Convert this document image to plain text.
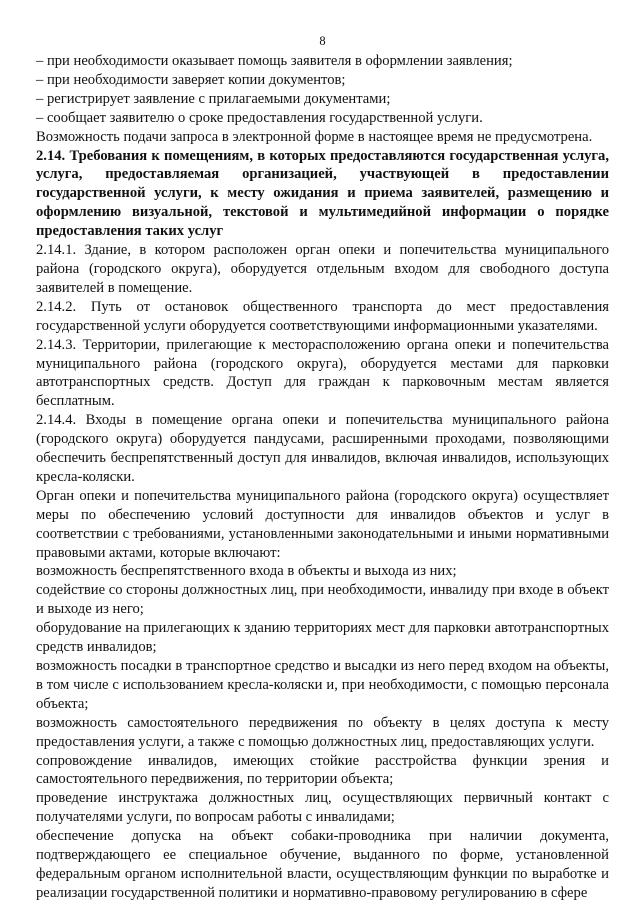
8

– при необходимости оказывает помощь заявителя в оформлении заявления;

– при необходимости заверяет копии документов;

– регистрирует заявление с прилагаемыми документами;

– сообщает заявителю о сроке предоставления государственной услуги.

Возможность подачи запроса в электронной форме в настоящее время не предусмотрена.

2.14. Требования к помещениям, в которых предоставляются государственная услуга, услуга, предоставляемая организацией, участвующей в предоставлении государственной услуги, к месту ожидания и приема заявителей, размещению и оформлению визуальной, текстовой и мультимедийной информации о порядке предоставления таких услуг

2.14.1. Здание, в котором расположен орган опеки и попечительства муниципального района (городского округа), оборудуется отдельным входом для свободного доступа заявителей в помещение.

2.14.2. Путь от остановок общественного транспорта до мест предоставления государственной услуги оборудуется соответствующими информационными указателями.

2.14.3. Территории, прилегающие к месторасположению органа опеки и попечительства муниципального района (городского округа), оборудуется местами для парковки автотранспортных средств. Доступ для граждан к парковочным местам является бесплатным.

2.14.4. Входы в помещение органа опеки и попечительства муниципального района (городского округа) оборудуется пандусами, расширенными проходами, позволяющими обеспечить беспрепятственный доступ для инвалидов, включая инвалидов, использующих кресла-коляски.

Орган опеки и попечительства муниципального района (городского округа) осуществляет меры по обеспечению условий доступности для инвалидов объектов и услуг в соответствии с требованиями, установленными законодательными и иными нормативными правовыми актами, которые включают:

возможность беспрепятственного входа в объекты и выхода из них;

содействие со стороны должностных лиц, при необходимости, инвалиду при входе в объект и выходе из него;

оборудование на прилегающих к зданию территориях мест для парковки автотранспортных средств инвалидов;

возможность посадки в транспортное средство и высадки из него перед входом на объекты, в том числе с использованием кресла-коляски и, при необходимости, с помощью персонала объекта;

возможность самостоятельного передвижения по объекту в целях доступа к месту предоставления услуги, а также с помощью должностных лиц, предоставляющих услуги.

сопровождение инвалидов, имеющих стойкие расстройства функции зрения и самостоятельного передвижения, по территории объекта;

проведение инструктажа должностных лиц, осуществляющих первичный контакт с получателями услуги, по вопросам работы с инвалидами;

обеспечение допуска на объект собаки-проводника при наличии документа, подтверждающего ее специальное обучение, выданного по форме, установленной федеральным органом исполнительной власти, осуществляющим функции по выработке и реализации государственной политики и нормативно-правовому регулированию в сфере
